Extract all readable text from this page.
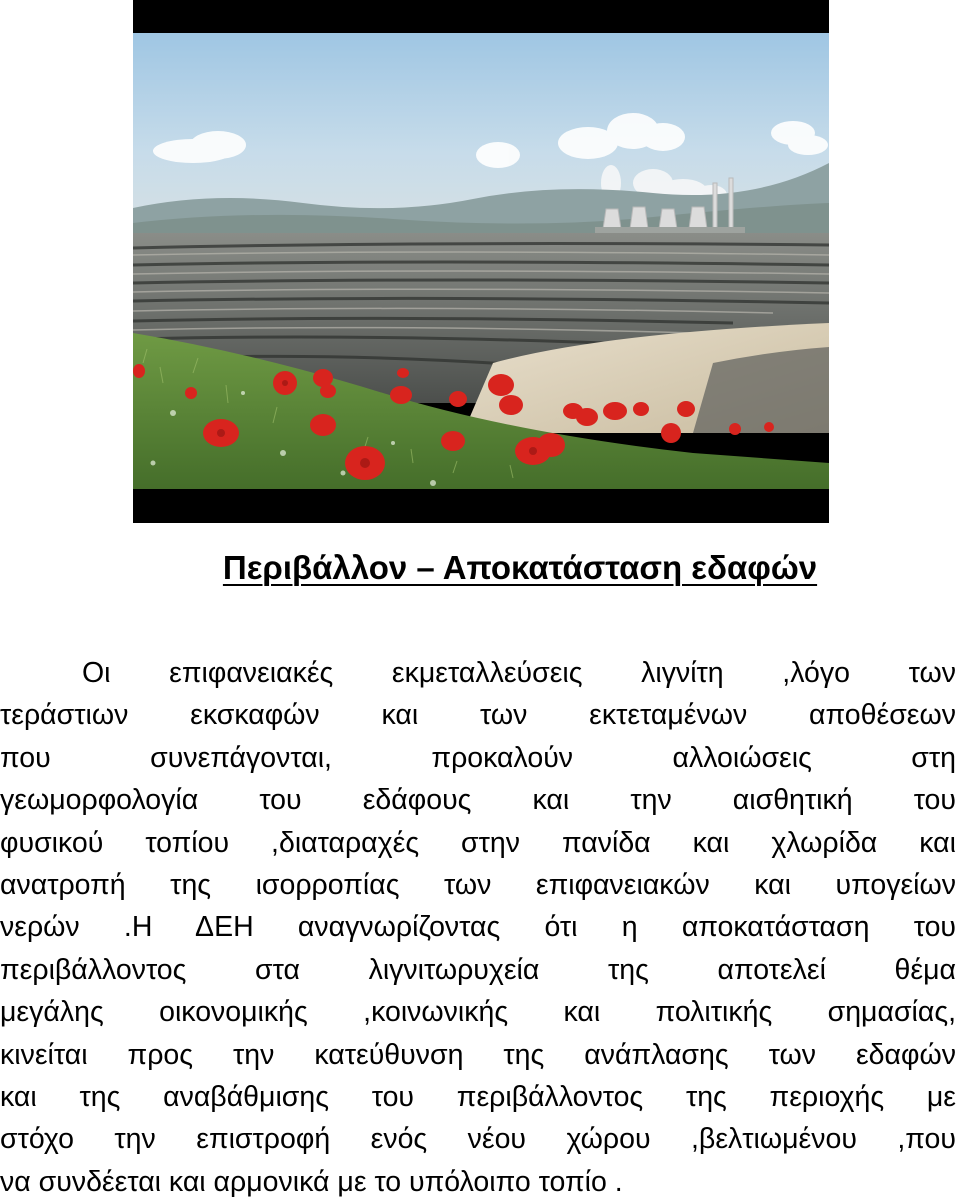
Περιβάλλον – Αποκατάσταση εδαφών
Οι επιφανειακές εκμεταλλεύσεις λιγνίτη ,λόγο των
τεράστιων εκσκαφών και των εκτεταμένων αποθέσεων
που συνεπάγονται, προκαλούν αλλοιώσεις στη
γεωμορφολογία του εδάφους και την αισθητική του
φυσικού τοπίου ,διαταραχές στην πανίδα και χλωρίδα και
ανατροπή της ισορροπίας των επιφανειακών και υπογείων
νερών .Η ΔΕΗ αναγνωρίζοντας ότι η αποκατάσταση του
περιβάλλοντος στα λιγνιτωρυχεία της αποτελεί θέμα
μεγάλης οικονομικής ,κοινωνικής και πολιτικής σημασίας,
κινείται προς την κατεύθυνση της ανάπλασης των εδαφών
και της αναβάθμισης του περιβάλλοντος της περιοχής με
στόχο την επιστροφή ενός νέου χώρου ,βελτιωμένου ,που
να συνδέεται και αρμονικά με το υπόλοιπο τοπίο .
